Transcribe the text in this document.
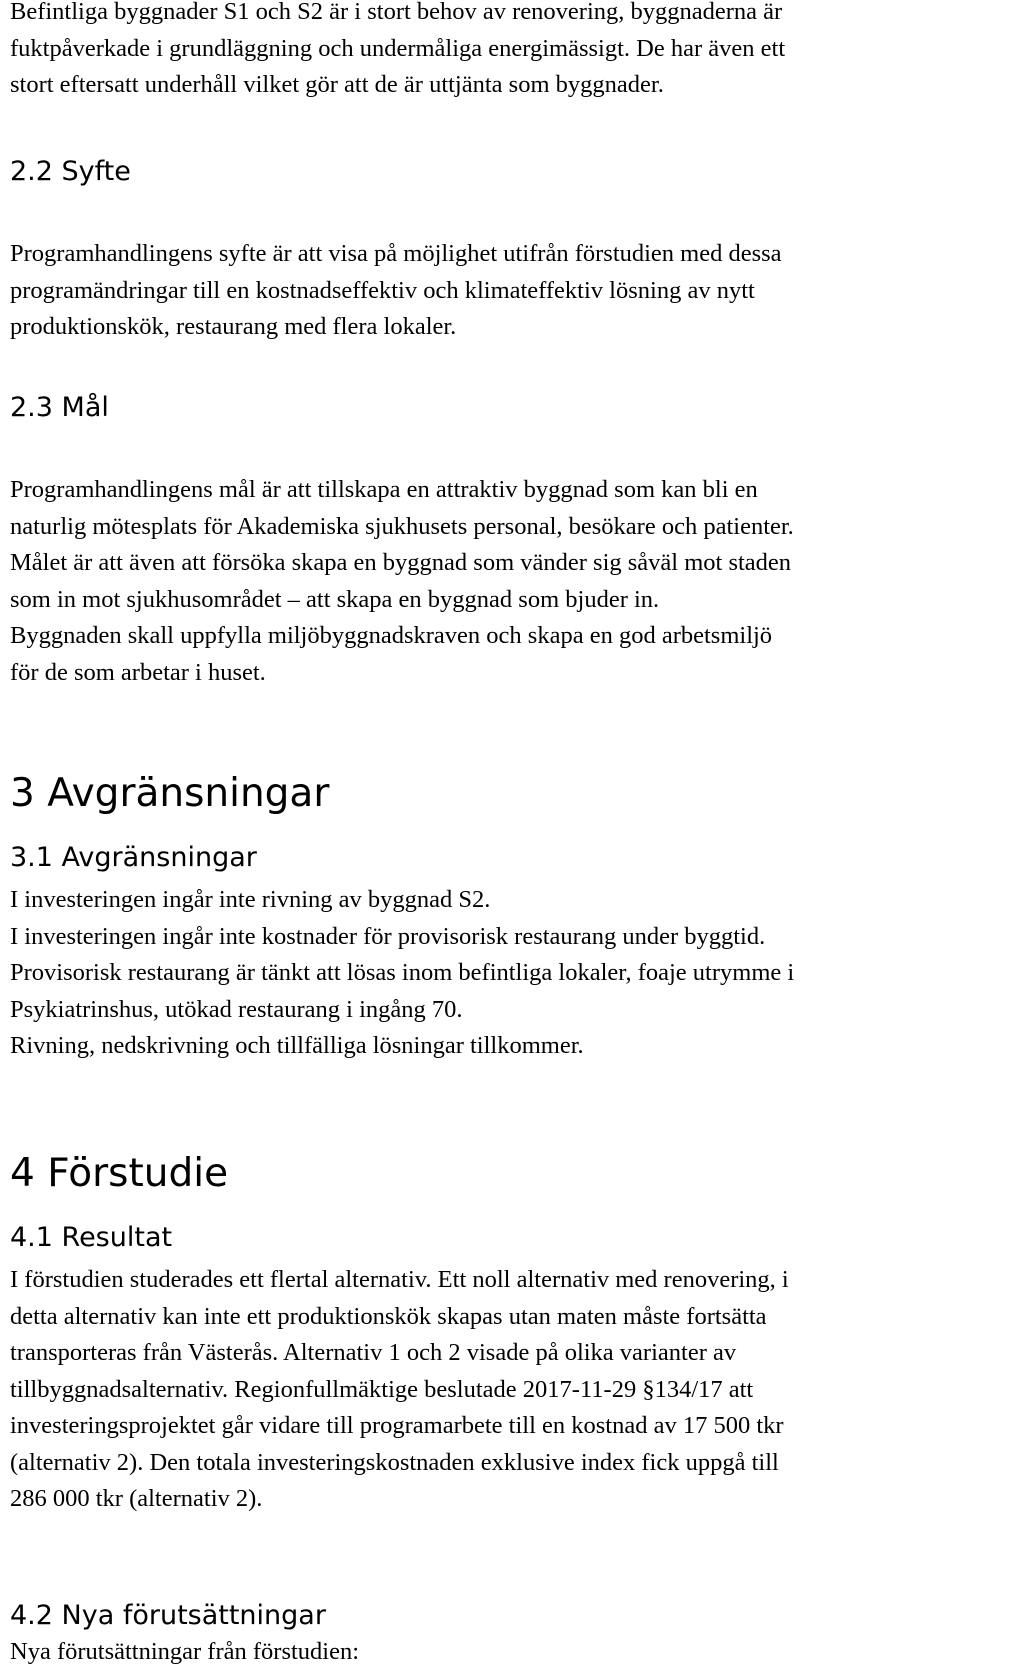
Befintliga byggnader S1 och S2 är i stort behov av renovering, byggnaderna är
fuktpåverkade i grundläggning och undermåliga energimässigt. De har även ett
stort eftersatt underhåll vilket gör att de är uttjänta som byggnader.
2.2 Syfte
Programhandlingens syfte är att visa på möjlighet utifrån förstudien med dessa
programändringar till en kostnadseffektiv och klimateffektiv lösning av nytt
produktionskök, restaurang med flera lokaler.
2.3 Mål
Programhandlingens mål är att tillskapa en attraktiv byggnad som kan bli en
naturlig mötesplats för Akademiska sjukhusets personal, besökare och patienter.
Målet är att även att försöka skapa en byggnad som vänder sig såväl mot staden
som in mot sjukhusområdet – att skapa en byggnad som bjuder in.
Byggnaden skall uppfylla miljöbyggnadskraven och skapa en god arbetsmiljö
för de som arbetar i huset.
3 Avgränsningar
3.1 Avgränsningar
I investeringen ingår inte rivning av byggnad S2.
I investeringen ingår inte kostnader för provisorisk restaurang under byggtid.
Provisorisk restaurang är tänkt att lösas inom befintliga lokaler, foaje utrymme i
Psykiatrinshus, utökad restaurang i ingång 70.
Rivning, nedskrivning och tillfälliga lösningar tillkommer.
4 Förstudie
4.1 Resultat
I förstudien studerades ett flertal alternativ. Ett noll alternativ med renovering, i
detta alternativ kan inte ett produktionskök skapas utan maten måste fortsätta
transporteras från Västerås. Alternativ 1 och 2 visade på olika varianter av
tillbyggnadsalternativ. Regionfullmäktige beslutade 2017-11-29 §134/17 att
investeringsprojektet går vidare till programarbete till en kostnad av 17 500 tkr
(alternativ 2). Den totala investeringskostnaden exklusive index fick uppgå till
286 000 tkr (alternativ 2).
4.2 Nya förutsättningar
Nya förutsättningar från förstudien:
